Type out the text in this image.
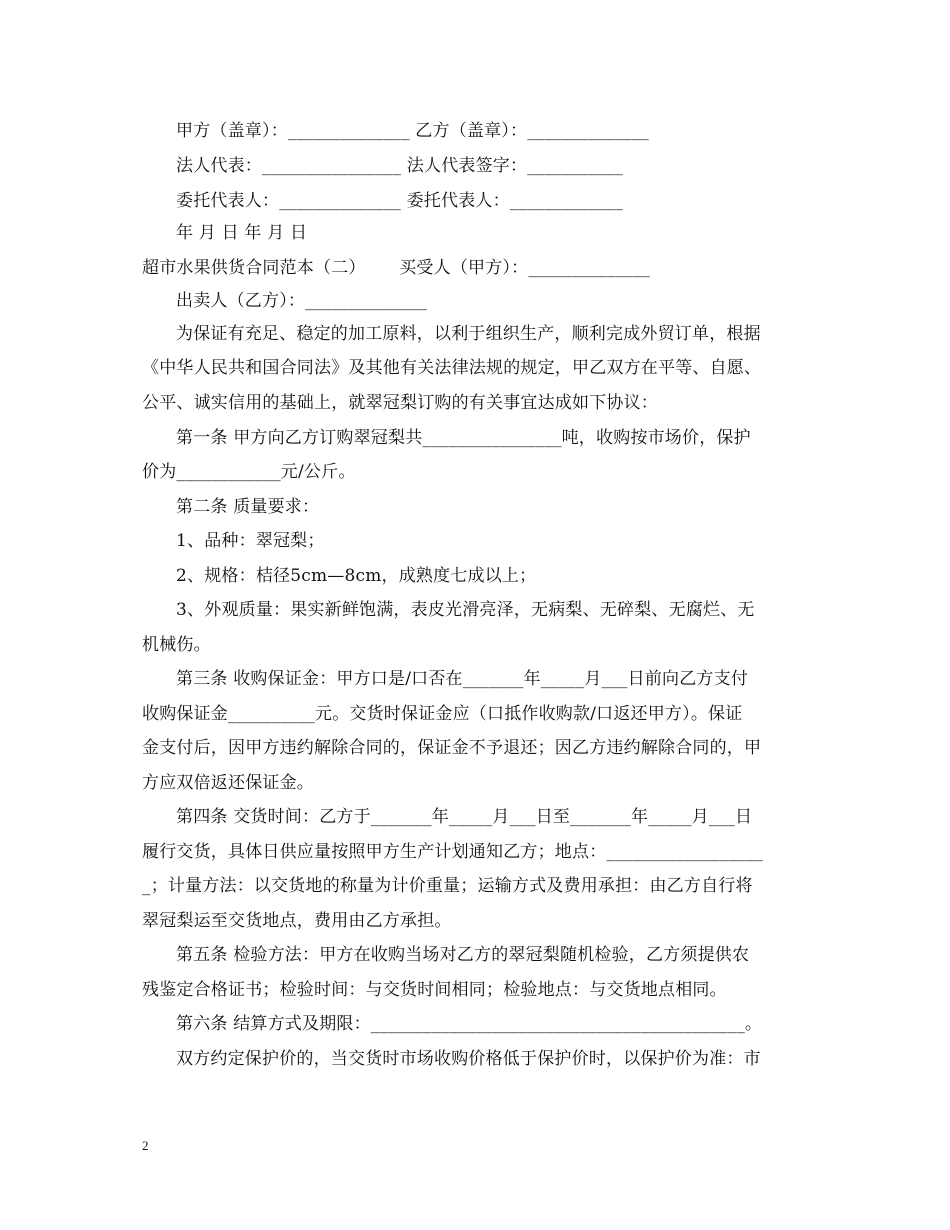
甲方（盖章）：______________ 乙方（盖章）：______________
法人代表：________________ 法人代表签字：___________
委托代表人：______________ 委托代表人：_____________
年 月 日 年 月 日
超市水果供货合同范本（二）      买受人（甲方）：______________
出卖人（乙方）：______________
为保证有充足、稳定的加工原料，以利于组织生产，顺利完成外贸订单，根据
《中华人民共和国合同法》及其他有关法律法规的规定，甲乙双方在平等、自愿、
公平、诚实信用的基础上，就翠冠梨订购的有关事宜达成如下协议：
第一条 甲方向乙方订购翠冠梨共________________吨，收购按市场价，保护
价为____________元/公斤。
第二条 质量要求：
1、品种：翠冠梨；
2、规格：桔径5cm—8cm，成熟度七成以上；
3、外观质量：果实新鲜饱满，表皮光滑亮泽，无病梨、无碎梨、无腐烂、无
机械伤。
第三条 收购保证金：甲方口是/口否在_______年_____月___日前向乙方支付
收购保证金__________元。交货时保证金应（口抵作收购款/口返还甲方）。保证
金支付后，因甲方违约解除合同的，保证金不予退还；因乙方违约解除合同的，甲
方应双倍返还保证金。
第四条 交货时间：乙方于_______年_____月___日至_______年_____月___日
履行交货，具体日供应量按照甲方生产计划通知乙方；地点：__________________
_；计量方法：以交货地的称量为计价重量；运输方式及费用承担：由乙方自行将
翠冠梨运至交货地点，费用由乙方承担。
第五条 检验方法：甲方在收购当场对乙方的翠冠梨随机检验，乙方须提供农
残鉴定合格证书；检验时间：与交货时间相同；检验地点：与交货地点相同。
第六条 结算方式及期限：___________________________________________。
双方约定保护价的，当交货时市场收购价格低于保护价时，以保护价为准：市
2
